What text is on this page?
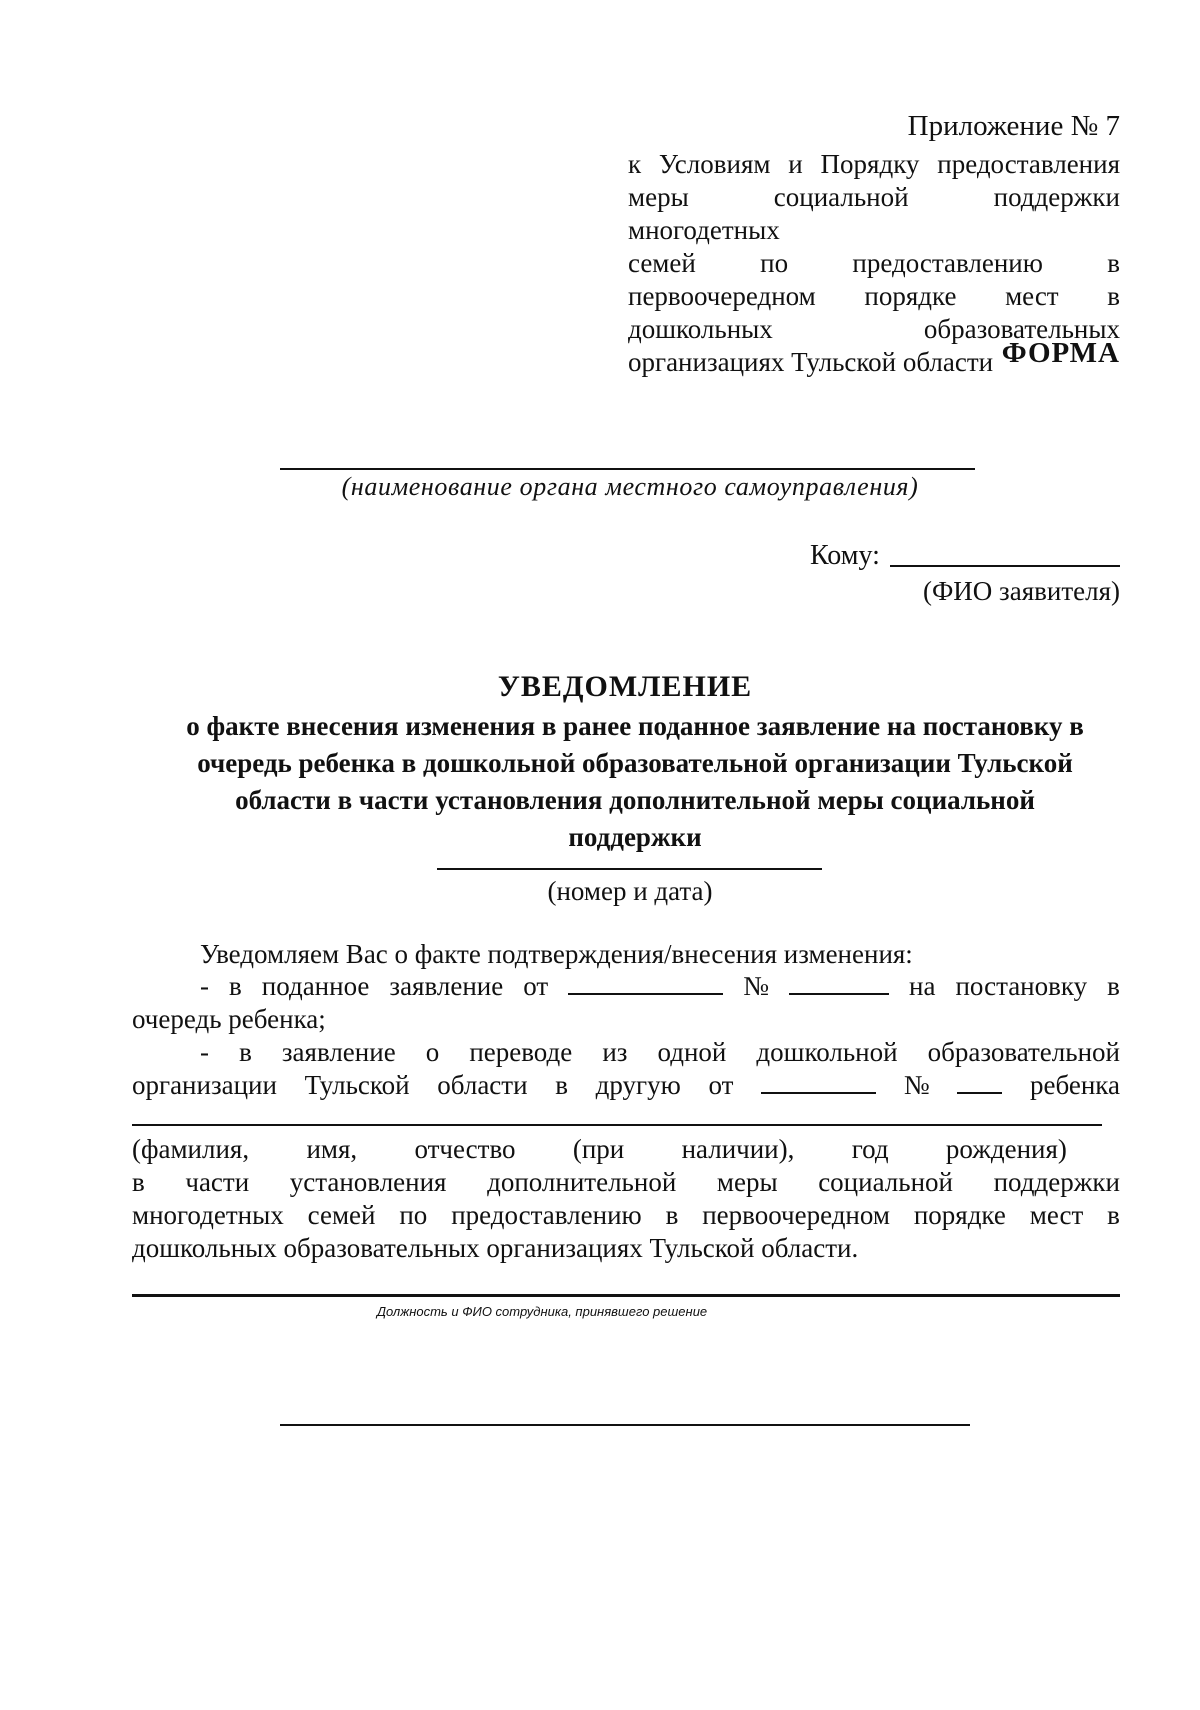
Приложение № 7
к Условиям и Порядку предоставления
меры социальной поддержки многодетных
семей по предоставлению в
первоочередном порядке мест в
дошкольных образовательных
организациях Тульской области ФОРМА
(наименование органа местного самоуправления)
Кому:
(ФИО заявителя)
УВЕДОМЛЕНИЕ
о факте внесения изменения в ранее поданное заявление на постановку в
очередь ребенка в дошкольной образовательной организации Тульской
области в части установления дополнительной меры социальной
поддержки
(номер и дата)
Уведомляем Вас о факте подтверждения/внесения изменения:
- в поданное заявление от	№	на постановку в
очередь ребенка;
- в заявление о переводе из одной дошкольной образовательной
организации Тульской области в другую от	№	ребенка
(фамилия, имя, отчество (при наличии), год рождения)
в части установления дополнительной меры социальной поддержки
многодетных семей по предоставлению в первоочередном порядке мест в
дошкольных образовательных организациях Тульской области.
Должность и ФИО сотрудника, принявшего решение
